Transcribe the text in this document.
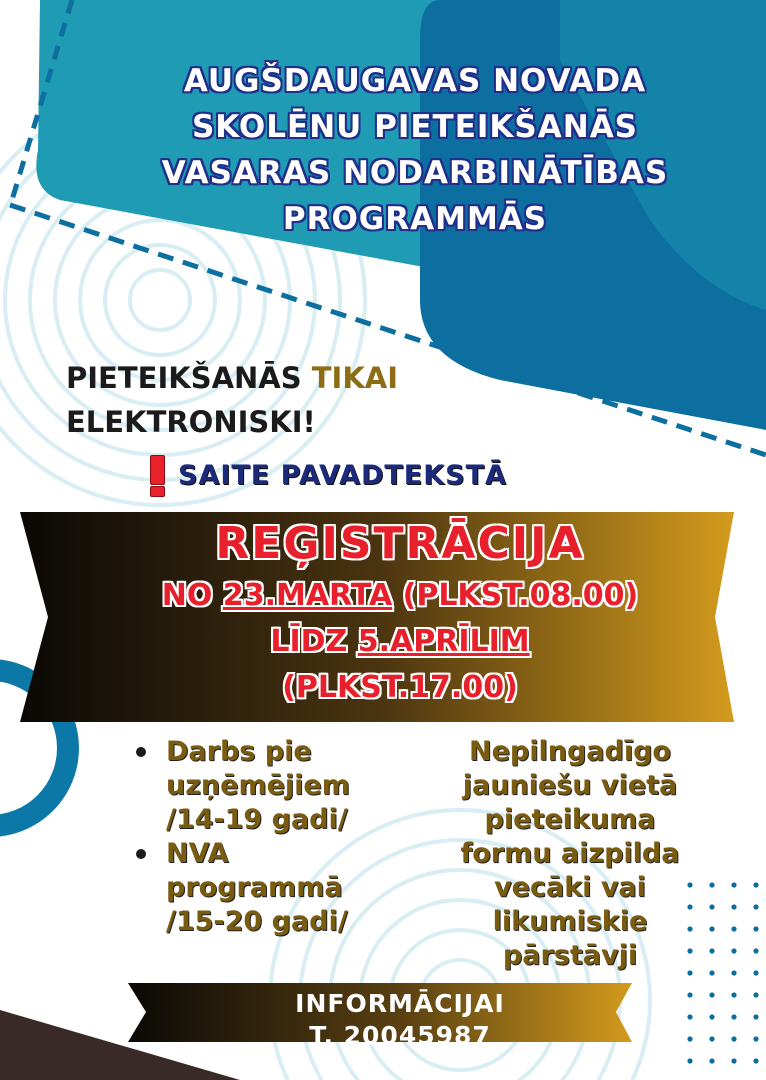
AUGŠDAUGAVAS NOVADA
SKOLĒNU PIETEIKŠANĀS
VASARAS NODARBINĀTĪBAS
PROGRAMMĀS
PIETEIKŠANĀS TIKAI
ELEKTRONISKI!
SAITE PAVADTEKSTĀ
REĢISTRĀCIJA
NO 23.MARTA (PLKST.08.00)
LĪDZ 5.APRĪLIM
(PLKST.17.00)
Darbs pie
uzņēmējiem
/14-19 gadi/
NVA
programmā
/15-20 gadi/
Nepilngadīgo
jauniešu vietā
pieteikuma
formu aizpilda
vecāki vai
likumiskie
pārstāvji
INFORMĀCIJAI
T. 20045987
